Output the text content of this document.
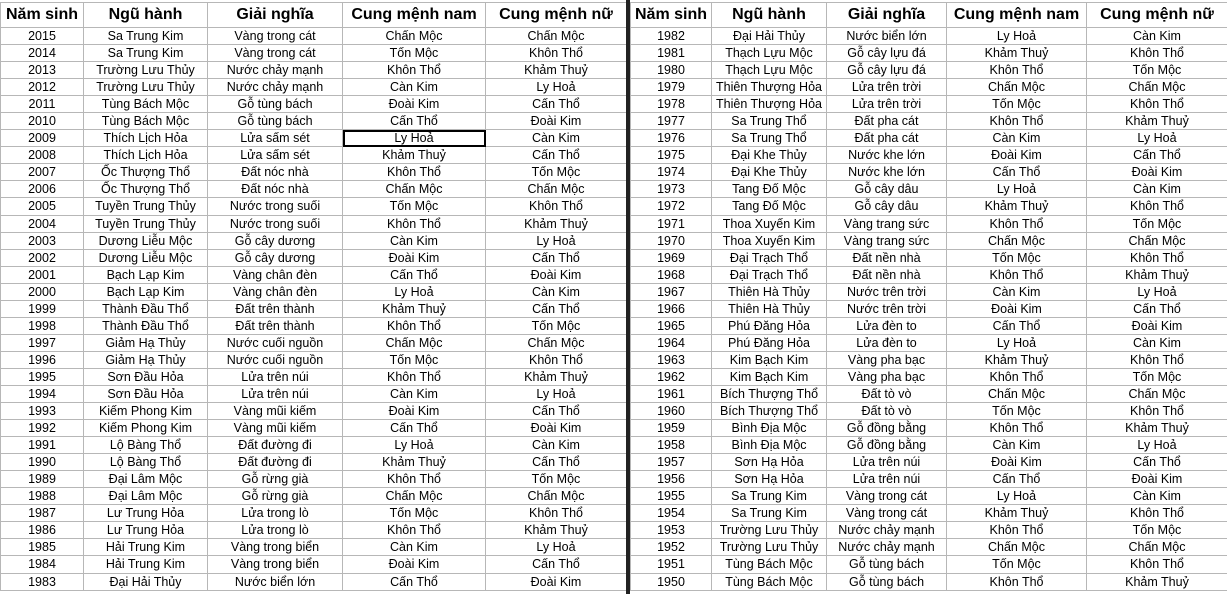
Năm sinh	Ngũ hành	Giải nghĩa	Cung mệnh nam	Cung mệnh nữ
2015	Sa Trung Kim	Vàng trong cát	Chấn Mộc	Chấn Mộc
2014	Sa Trung Kim	Vàng trong cát	Tốn Mộc	Khôn Thổ
2013	Trường Lưu Thủy	Nước chảy mạnh	Khôn Thổ	Khảm Thuỷ
2012	Trường Lưu Thủy	Nước chảy mạnh	Càn Kim	Ly Hoả
2011	Tùng Bách Mộc	Gỗ tùng bách	Đoài Kim	Cấn Thổ
2010	Tùng Bách Mộc	Gỗ tùng bách	Cấn Thổ	Đoài Kim
2009	Thích Lịch Hỏa	Lửa sấm sét	Ly Hoả	Càn Kim
2008	Thích Lịch Hỏa	Lửa sấm sét	Khảm Thuỷ	Cấn Thổ
2007	Ốc Thượng Thổ	Đất nóc nhà	Khôn Thổ	Tốn Mộc
2006	Ốc Thượng Thổ	Đất nóc nhà	Chấn Mộc	Chấn Mộc
2005	Tuyền Trung Thủy	Nước trong suối	Tốn Mộc	Khôn Thổ
2004	Tuyền Trung Thủy	Nước trong suối	Khôn Thổ	Khảm Thuỷ
2003	Dương Liễu Mộc	Gỗ cây dương	Càn Kim	Ly Hoả
2002	Dương Liễu Mộc	Gỗ cây dương	Đoài Kim	Cấn Thổ
2001	Bạch Lạp Kim	Vàng chân đèn	Cấn Thổ	Đoài Kim
2000	Bạch Lạp Kim	Vàng chân đèn	Ly Hoả	Càn Kim
1999	Thành Đầu Thổ	Đất trên thành	Khảm Thuỷ	Cấn Thổ
1998	Thành Đầu Thổ	Đất trên thành	Khôn Thổ	Tốn Mộc
1997	Giảm Hạ Thủy	Nước cuối nguồn	Chấn Mộc	Chấn Mộc
1996	Giảm Hạ Thủy	Nước cuối nguồn	Tốn Mộc	Khôn Thổ
1995	Sơn Đầu Hỏa	Lửa trên núi	Khôn Thổ	Khảm Thuỷ
1994	Sơn Đầu Hỏa	Lửa trên núi	Càn Kim	Ly Hoả
1993	Kiếm Phong Kim	Vàng mũi kiếm	Đoài Kim	Cấn Thổ
1992	Kiếm Phong Kim	Vàng mũi kiếm	Cấn Thổ	Đoài Kim
1991	Lộ Bàng Thổ	Đất đường đi	Ly Hoả	Càn Kim
1990	Lộ Bàng Thổ	Đất đường đi	Khảm Thuỷ	Cấn Thổ
1989	Đại Lâm Mộc	Gỗ rừng già	Khôn Thổ	Tốn Mộc
1988	Đại Lâm Mộc	Gỗ rừng già	Chấn Mộc	Chấn Mộc
1987	Lư Trung Hỏa	Lửa trong lò	Tốn Mộc	Khôn Thổ
1986	Lư Trung Hỏa	Lửa trong lò	Khôn Thổ	Khảm Thuỷ
1985	Hải Trung Kim	Vàng trong biển	Càn Kim	Ly Hoả
1984	Hải Trung Kim	Vàng trong biển	Đoài Kim	Cấn Thổ
1983	Đại Hải Thủy	Nước biển lớn	Cấn Thổ	Đoài Kim
Năm sinh	Ngũ hành	Giải nghĩa	Cung mệnh nam	Cung mệnh nữ
1982	Đại Hải Thủy	Nước biển lớn	Ly Hoả	Càn Kim
1981	Thạch Lựu Mộc	Gỗ cây lựu đá	Khảm Thuỷ	Khôn Thổ
1980	Thạch Lựu Mộc	Gỗ cây lựu đá	Khôn Thổ	Tốn Mộc
1979	Thiên Thượng Hỏa	Lửa trên trời	Chấn Mộc	Chấn Mộc
1978	Thiên Thượng Hỏa	Lửa trên trời	Tốn Mộc	Khôn Thổ
1977	Sa Trung Thổ	Đất pha cát	Khôn Thổ	Khảm Thuỷ
1976	Sa Trung Thổ	Đất pha cát	Càn Kim	Ly Hoả
1975	Đại Khe Thủy	Nước khe lớn	Đoài Kim	Cấn Thổ
1974	Đại Khe Thủy	Nước khe lớn	Cấn Thổ	Đoài Kim
1973	Tang Đố Mộc	Gỗ cây dâu	Ly Hoả	Càn Kim
1972	Tang Đố Mộc	Gỗ cây dâu	Khảm Thuỷ	Khôn Thổ
1971	Thoa Xuyến Kim	Vàng trang sức	Khôn Thổ	Tốn Mộc
1970	Thoa Xuyến Kim	Vàng trang sức	Chấn Mộc	Chấn Mộc
1969	Đại Trạch Thổ	Đất nền nhà	Tốn Mộc	Khôn Thổ
1968	Đại Trạch Thổ	Đất nền nhà	Khôn Thổ	Khảm Thuỷ
1967	Thiên Hà Thủy	Nước trên trời	Càn Kim	Ly Hoả
1966	Thiên Hà Thủy	Nước trên trời	Đoài Kim	Cấn Thổ
1965	Phú Đăng Hỏa	Lửa đèn to	Cấn Thổ	Đoài Kim
1964	Phú Đăng Hỏa	Lửa đèn to	Ly Hoả	Càn Kim
1963	Kim Bạch Kim	Vàng pha bạc	Khảm Thuỷ	Khôn Thổ
1962	Kim Bạch Kim	Vàng pha bạc	Khôn Thổ	Tốn Mộc
1961	Bích Thượng Thổ	Đất tò vò	Chấn Mộc	Chấn Mộc
1960	Bích Thượng Thổ	Đất tò vò	Tốn Mộc	Khôn Thổ
1959	Bình Địa Mộc	Gỗ đồng bằng	Khôn Thổ	Khảm Thuỷ
1958	Bình Địa Mộc	Gỗ đồng bằng	Càn Kim	Ly Hoả
1957	Sơn Hạ Hỏa	Lửa trên núi	Đoài Kim	Cấn Thổ
1956	Sơn Hạ Hỏa	Lửa trên núi	Cấn Thổ	Đoài Kim
1955	Sa Trung Kim	Vàng trong cát	Ly Hoả	Càn Kim
1954	Sa Trung Kim	Vàng trong cát	Khảm Thuỷ	Khôn Thổ
1953	Trường Lưu Thủy	Nước chảy mạnh	Khôn Thổ	Tốn Mộc
1952	Trường Lưu Thủy	Nước chảy mạnh	Chấn Mộc	Chấn Mộc
1951	Tùng Bách Mộc	Gỗ tùng bách	Tốn Mộc	Khôn Thổ
1950	Tùng Bách Mộc	Gỗ tùng bách	Khôn Thổ	Khảm Thuỷ
